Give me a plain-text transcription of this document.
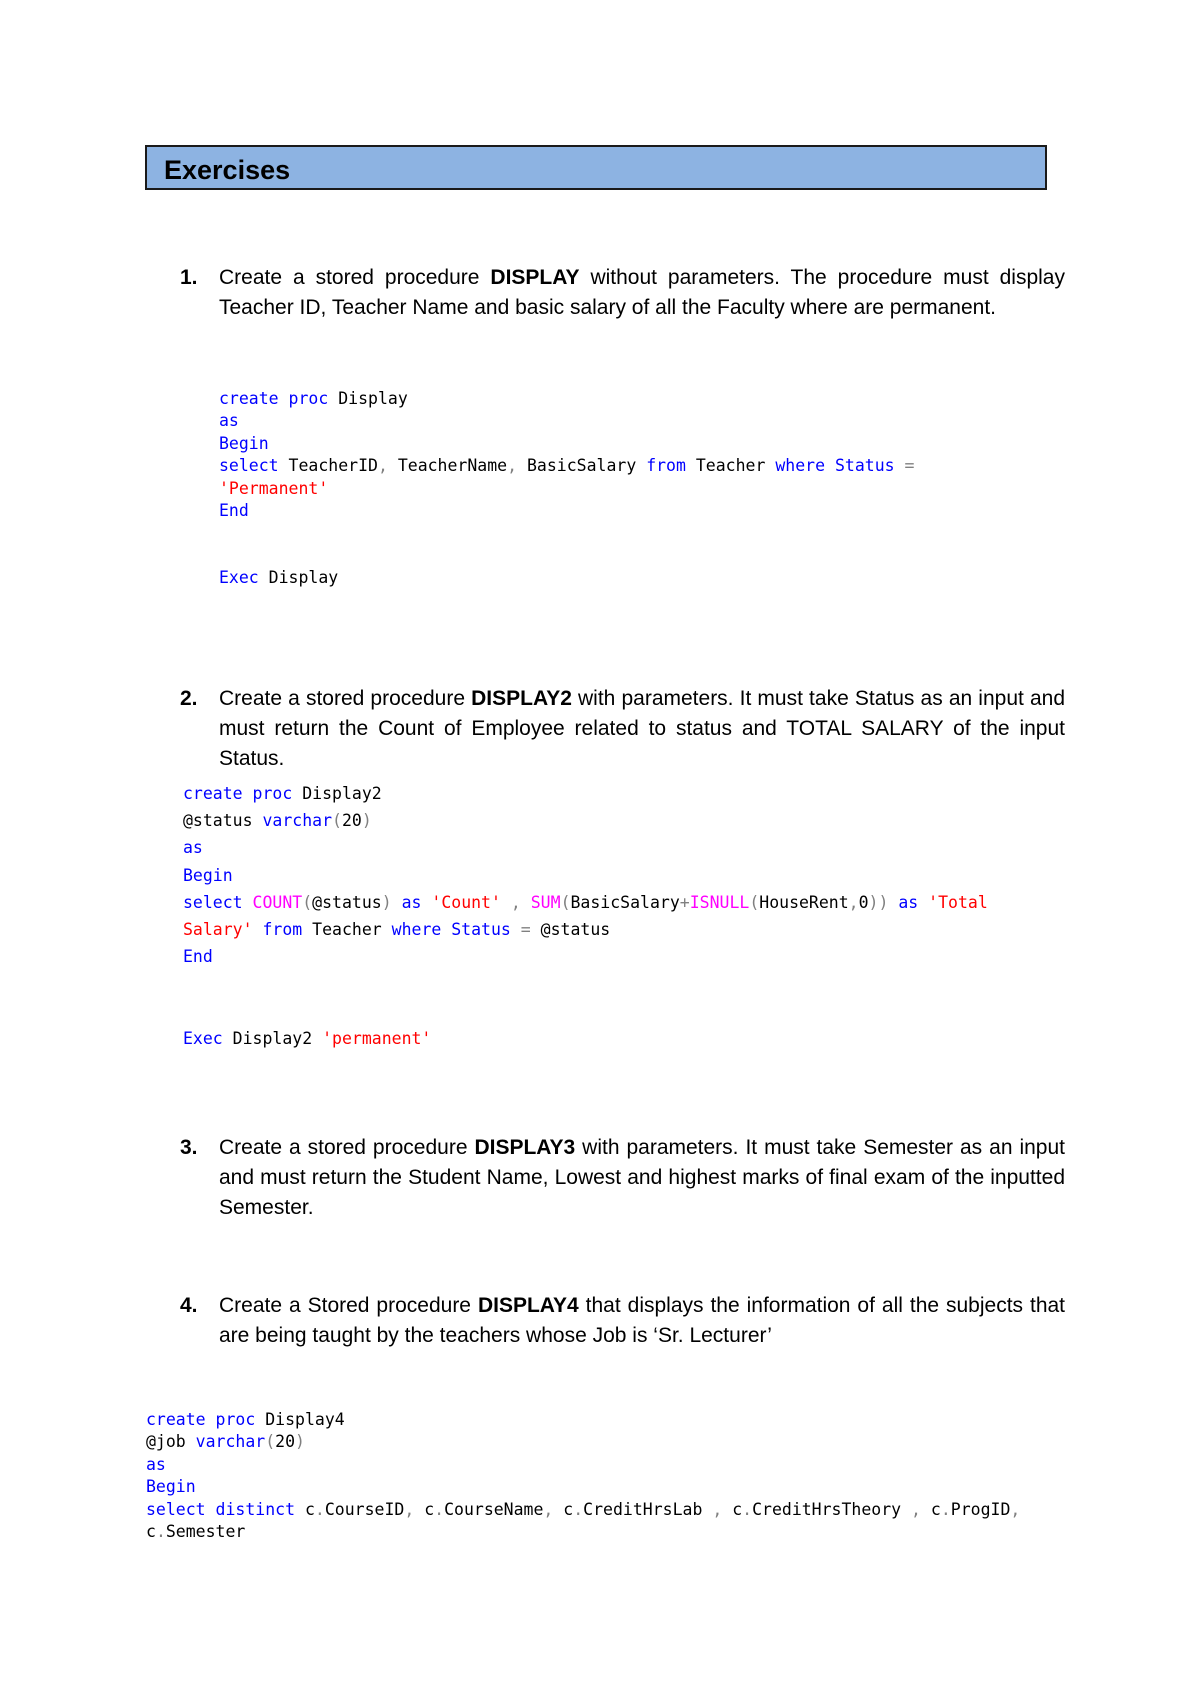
Exercises
1. Create a stored procedure DISPLAY without parameters. The procedure must display Teacher ID, Teacher Name and basic salary of all the Faculty where are permanent.
create proc Display
as
Begin
select TeacherID, TeacherName, BasicSalary from Teacher where Status =
'Permanent'
End

Exec Display
2. Create a stored procedure DISPLAY2 with parameters. It must take Status as an input and must return the Count of Employee related to status and TOTAL SALARY of the input Status.
create proc Display2
@status varchar(20)
as
Begin
select COUNT(@status) as 'Count' , SUM(BasicSalary+ISNULL(HouseRent,0)) as 'Total
Salary' from Teacher where Status = @status
End

Exec Display2 'permanent'
3. Create a stored procedure DISPLAY3 with parameters. It must take Semester as an input and must return the Student Name, Lowest and highest marks of final exam of the inputted Semester.
4. Create a Stored procedure DISPLAY4 that displays the information of all the subjects that are being taught by the teachers whose Job is ‘Sr. Lecturer’
create proc Display4
@job varchar(20)
as
Begin
select distinct c.CourseID, c.CourseName, c.CreditHrsLab , c.CreditHrsTheory , c.ProgID,
c.Semester
